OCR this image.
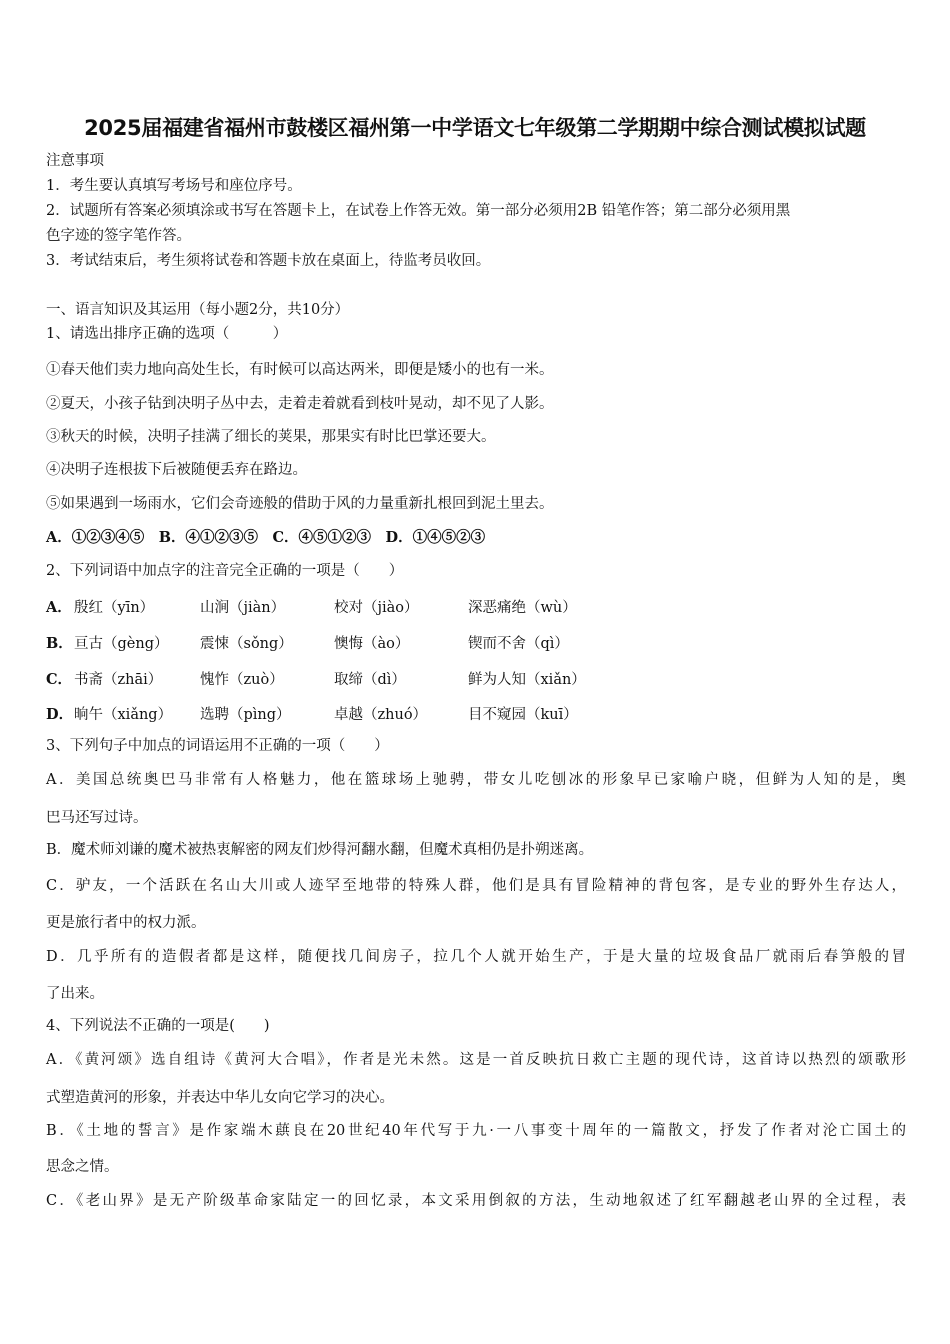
2025届福建省福州市鼓楼区福州第一中学语文七年级第二学期期中综合测试模拟试题
注意事项
1．考生要认真填写考场号和座位序号。
2．试题所有答案必须填涂或书写在答题卡上，在试卷上作答无效。第一部分必须用2B 铅笔作答；第二部分必须用黑
色字迹的签字笔作答。
3．考试结束后，考生须将试卷和答题卡放在桌面上，待监考员收回。
一、语言知识及其运用（每小题2分，共10分）
1、请选出排序正确的选项（　　　）
①春天他们卖力地向高处生长，有时候可以高达两米，即便是矮小的也有一米。
②夏天，小孩子钻到决明子丛中去，走着走着就看到枝叶晃动，却不见了人影。
③秋天的时候，决明子挂满了细长的荚果，那果实有时比巴掌还要大。
④决明子连根拔下后被随便丢弃在路边。
⑤如果遇到一场雨水，它们会奇迹般的借助于风的力量重新扎根回到泥土里去。
A．①②③④⑤　B．④①②③⑤　C．④⑤①②③　D．①④⑤②③
2、下列词语中加点字的注音完全正确的一项是（　　）
A． 殷红（yīn）	山涧（jiàn）	校对（jiào）	深恶痛绝（wù）
B． 亘古（gèng） 震悚（sǒng）	懊悔（ào）	锲而不舍（qì）
C． 书斋（zhāi）	愧怍（zuò）	取缔（dì）	鲜为人知（xiǎn）
D． 晌午（xiǎng） 选聘（pìng）	卓越（zhuó）	目不窥园（kuī）
3、下列句子中加点的词语运用不正确的一项（　　）
A．美国总统奥巴马非常有人格魅力，他在篮球场上驰骋，带女儿吃刨冰的形象早已家喻户晓，但鲜为人知的是，奥
巴马还写过诗。
B．魔术师刘谦的魔术被热衷解密的网友们炒得河翻水翻，但魔术真相仍是扑朔迷离。
C．驴友，一个活跃在名山大川或人迹罕至地带的特殊人群，他们是具有冒险精神的背包客，是专业的野外生存达人，
更是旅行者中的权力派。
D．几乎所有的造假者都是这样，随便找几间房子，拉几个人就开始生产，于是大量的垃圾食品厂就雨后春笋般的冒
了出来。
4、下列说法不正确的一项是(　　)
A．《黄河颂》选自组诗《黄河大合唱》，作者是光未然。这是一首反映抗日救亡主题的现代诗，这首诗以热烈的颂歌形
式塑造黄河的形象，并表达中华儿女向它学习的决心。
B．《土地的誓言》是作家端木蕻良在20世纪40年代写于九·一八事变十周年的一篇散文，抒发了作者对沦亡国土的
思念之情。
C．《老山界》是无产阶级革命家陆定一的回忆录，本文采用倒叙的方法，生动地叙述了红军翻越老山界的全过程，表
